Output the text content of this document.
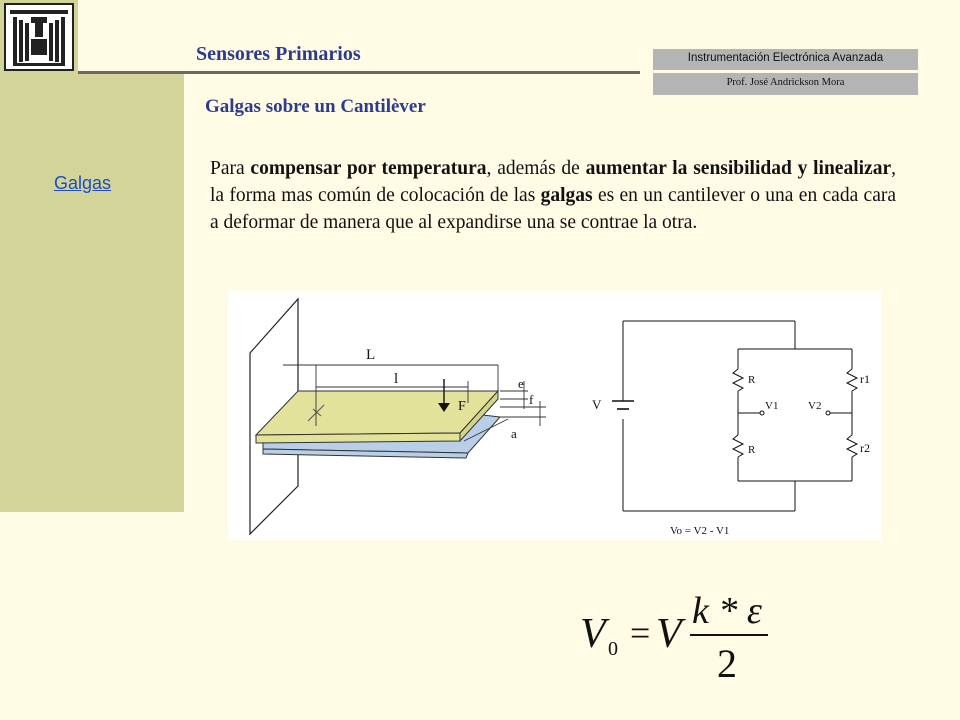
Sensores Primarios	Instrumentación Electrónica Avanzada
Prof. José Andrickson Mora
Galgas
Galgas sobre un Cantilèver
Para compensar por temperatura, además de aumentar la sensibilidad y linealizar, la forma mas común de colocación de las galgas es en un cantilever o una en cada cara a deformar de manera que al expandirse una se contrae la otra.
L
l	e
f
F
a
V
R
R
r1
r2
V1	V2
Vo = V2 - V1
V 0 = V k * ε
2
